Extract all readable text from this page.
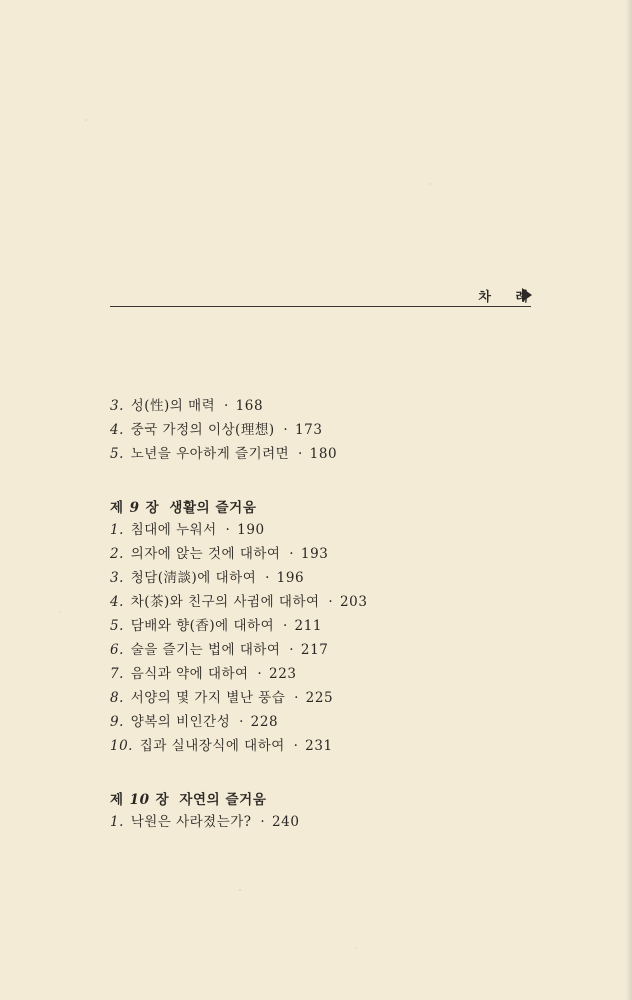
차 례
3. 성(性)의 매력 · 168
4. 중국 가정의 이상(理想) · 173
5. 노년을 우아하게 즐기려면 · 180
제 9 장 생활의 즐거움
1. 침대에 누워서 · 190
2. 의자에 앉는 것에 대하여 · 193
3. 청담(淸談)에 대하여 · 196
4. 차(茶)와 친구의 사귐에 대하여 · 203
5. 담배와 향(香)에 대하여 · 211
6. 술을 즐기는 법에 대하여 · 217
7. 음식과 약에 대하여 · 223
8. 서양의 몇 가지 별난 풍습 · 225
9. 양복의 비인간성 · 228
10. 집과 실내장식에 대하여 · 231
제 10 장 자연의 즐거움
1. 낙원은 사라졌는가? · 240
